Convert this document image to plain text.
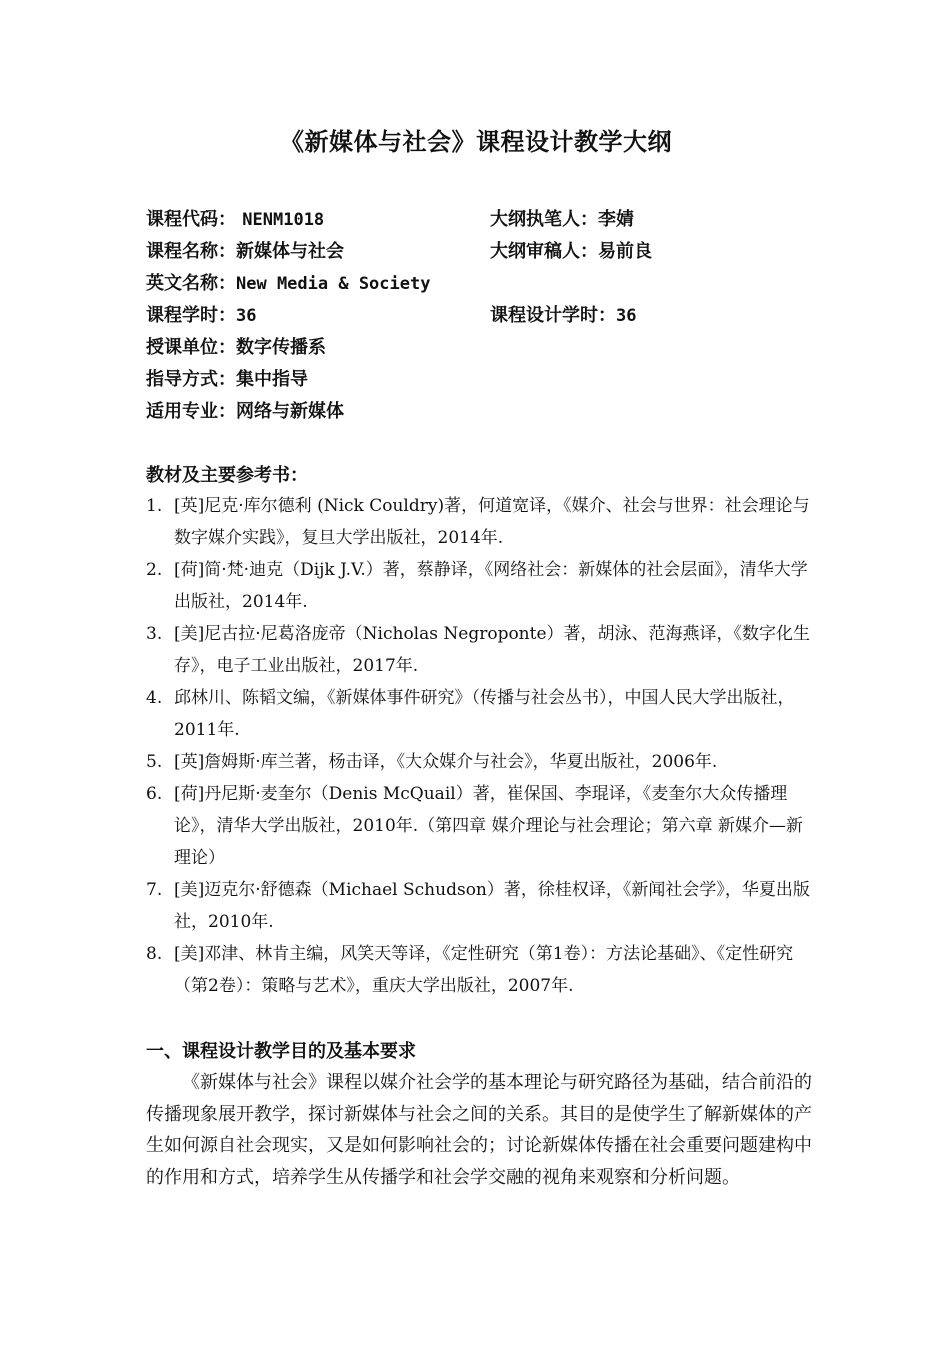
《新媒体与社会》课程设计教学大纲
课程代码： NENM1018	大纲执笔人：李婧
课程名称：新媒体与社会	大纲审稿人：易前良
英文名称：New Media & Society
课程学时：36	课程设计学时：36
授课单位：数字传播系
指导方式：集中指导
适用专业：网络与新媒体
教材及主要参考书：
1. [英]尼克·库尔德利 (Nick Couldry)著，何道宽译，《媒介、社会与世界：社会理论与数字媒介实践》，复旦大学出版社，2014年.
2. [荷]简·梵·迪克（Dijk J.V.）著，蔡静译，《网络社会：新媒体的社会层面》，清华大学出版社，2014年.
3. [美]尼古拉·尼葛洛庞帝（Nicholas Negroponte）著，胡泳、范海燕译，《数字化生存》，电子工业出版社，2017年.
4. 邱林川、陈韬文编，《新媒体事件研究》（传播与社会丛书），中国人民大学出版社，2011年.
5. [英]詹姆斯·库兰著，杨击译，《大众媒介与社会》，华夏出版社，2006年.
6. [荷]丹尼斯·麦奎尔（Denis McQuail）著，崔保国、李琨译，《麦奎尔大众传播理论》，清华大学出版社，2010年.（第四章 媒介理论与社会理论；第六章 新媒介—新理论）
7. [美]迈克尔·舒德森（Michael Schudson）著，徐桂权译，《新闻社会学》，华夏出版社，2010年.
8. [美]邓津、林肯主编，风笑天等译，《定性研究（第1卷）：方法论基础》、《定性研究（第2卷）：策略与艺术》，重庆大学出版社，2007年.
一、课程设计教学目的及基本要求

《新媒体与社会》课程以媒介社会学的基本理论与研究路径为基础，结合前沿的传播现象展开教学，探讨新媒体与社会之间的关系。其目的是使学生了解新媒体的产生如何源自社会现实，又是如何影响社会的；讨论新媒体传播在社会重要问题建构中的作用和方式，培养学生从传播学和社会学交融的视角来观察和分析问题。
